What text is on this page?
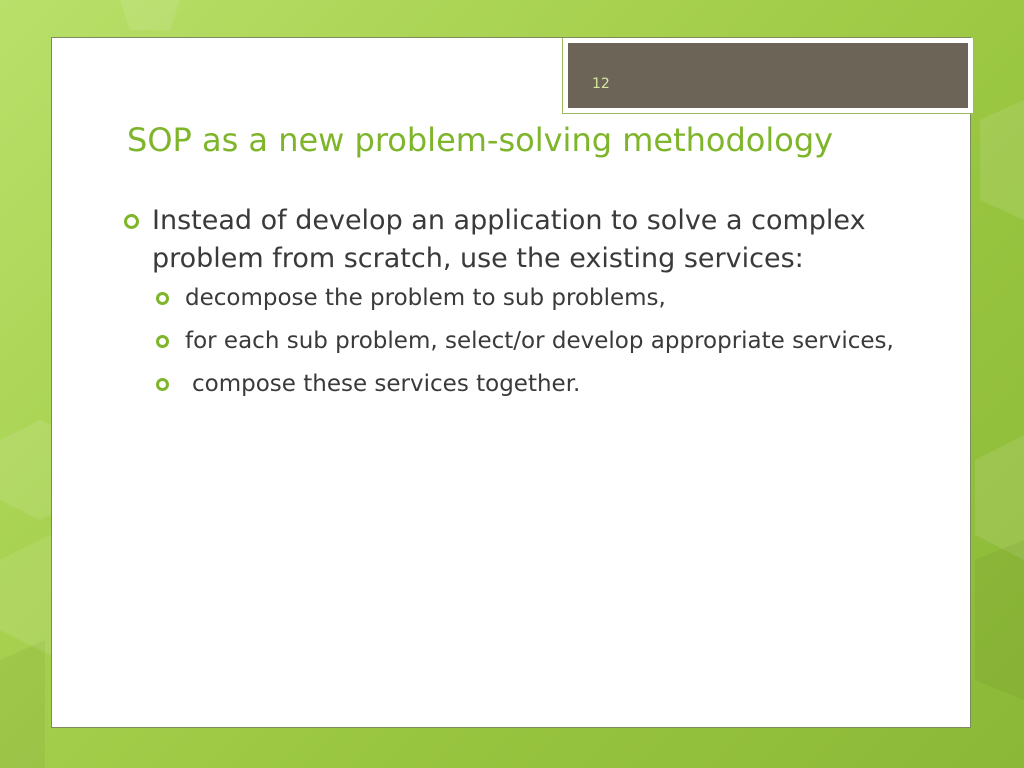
12
SOP as a new problem-solving methodology
Instead of develop an application to solve a complex problem from scratch, use the existing services:
decompose the problem to sub problems,
for each sub problem, select/or develop appropriate services,
compose these services together.
